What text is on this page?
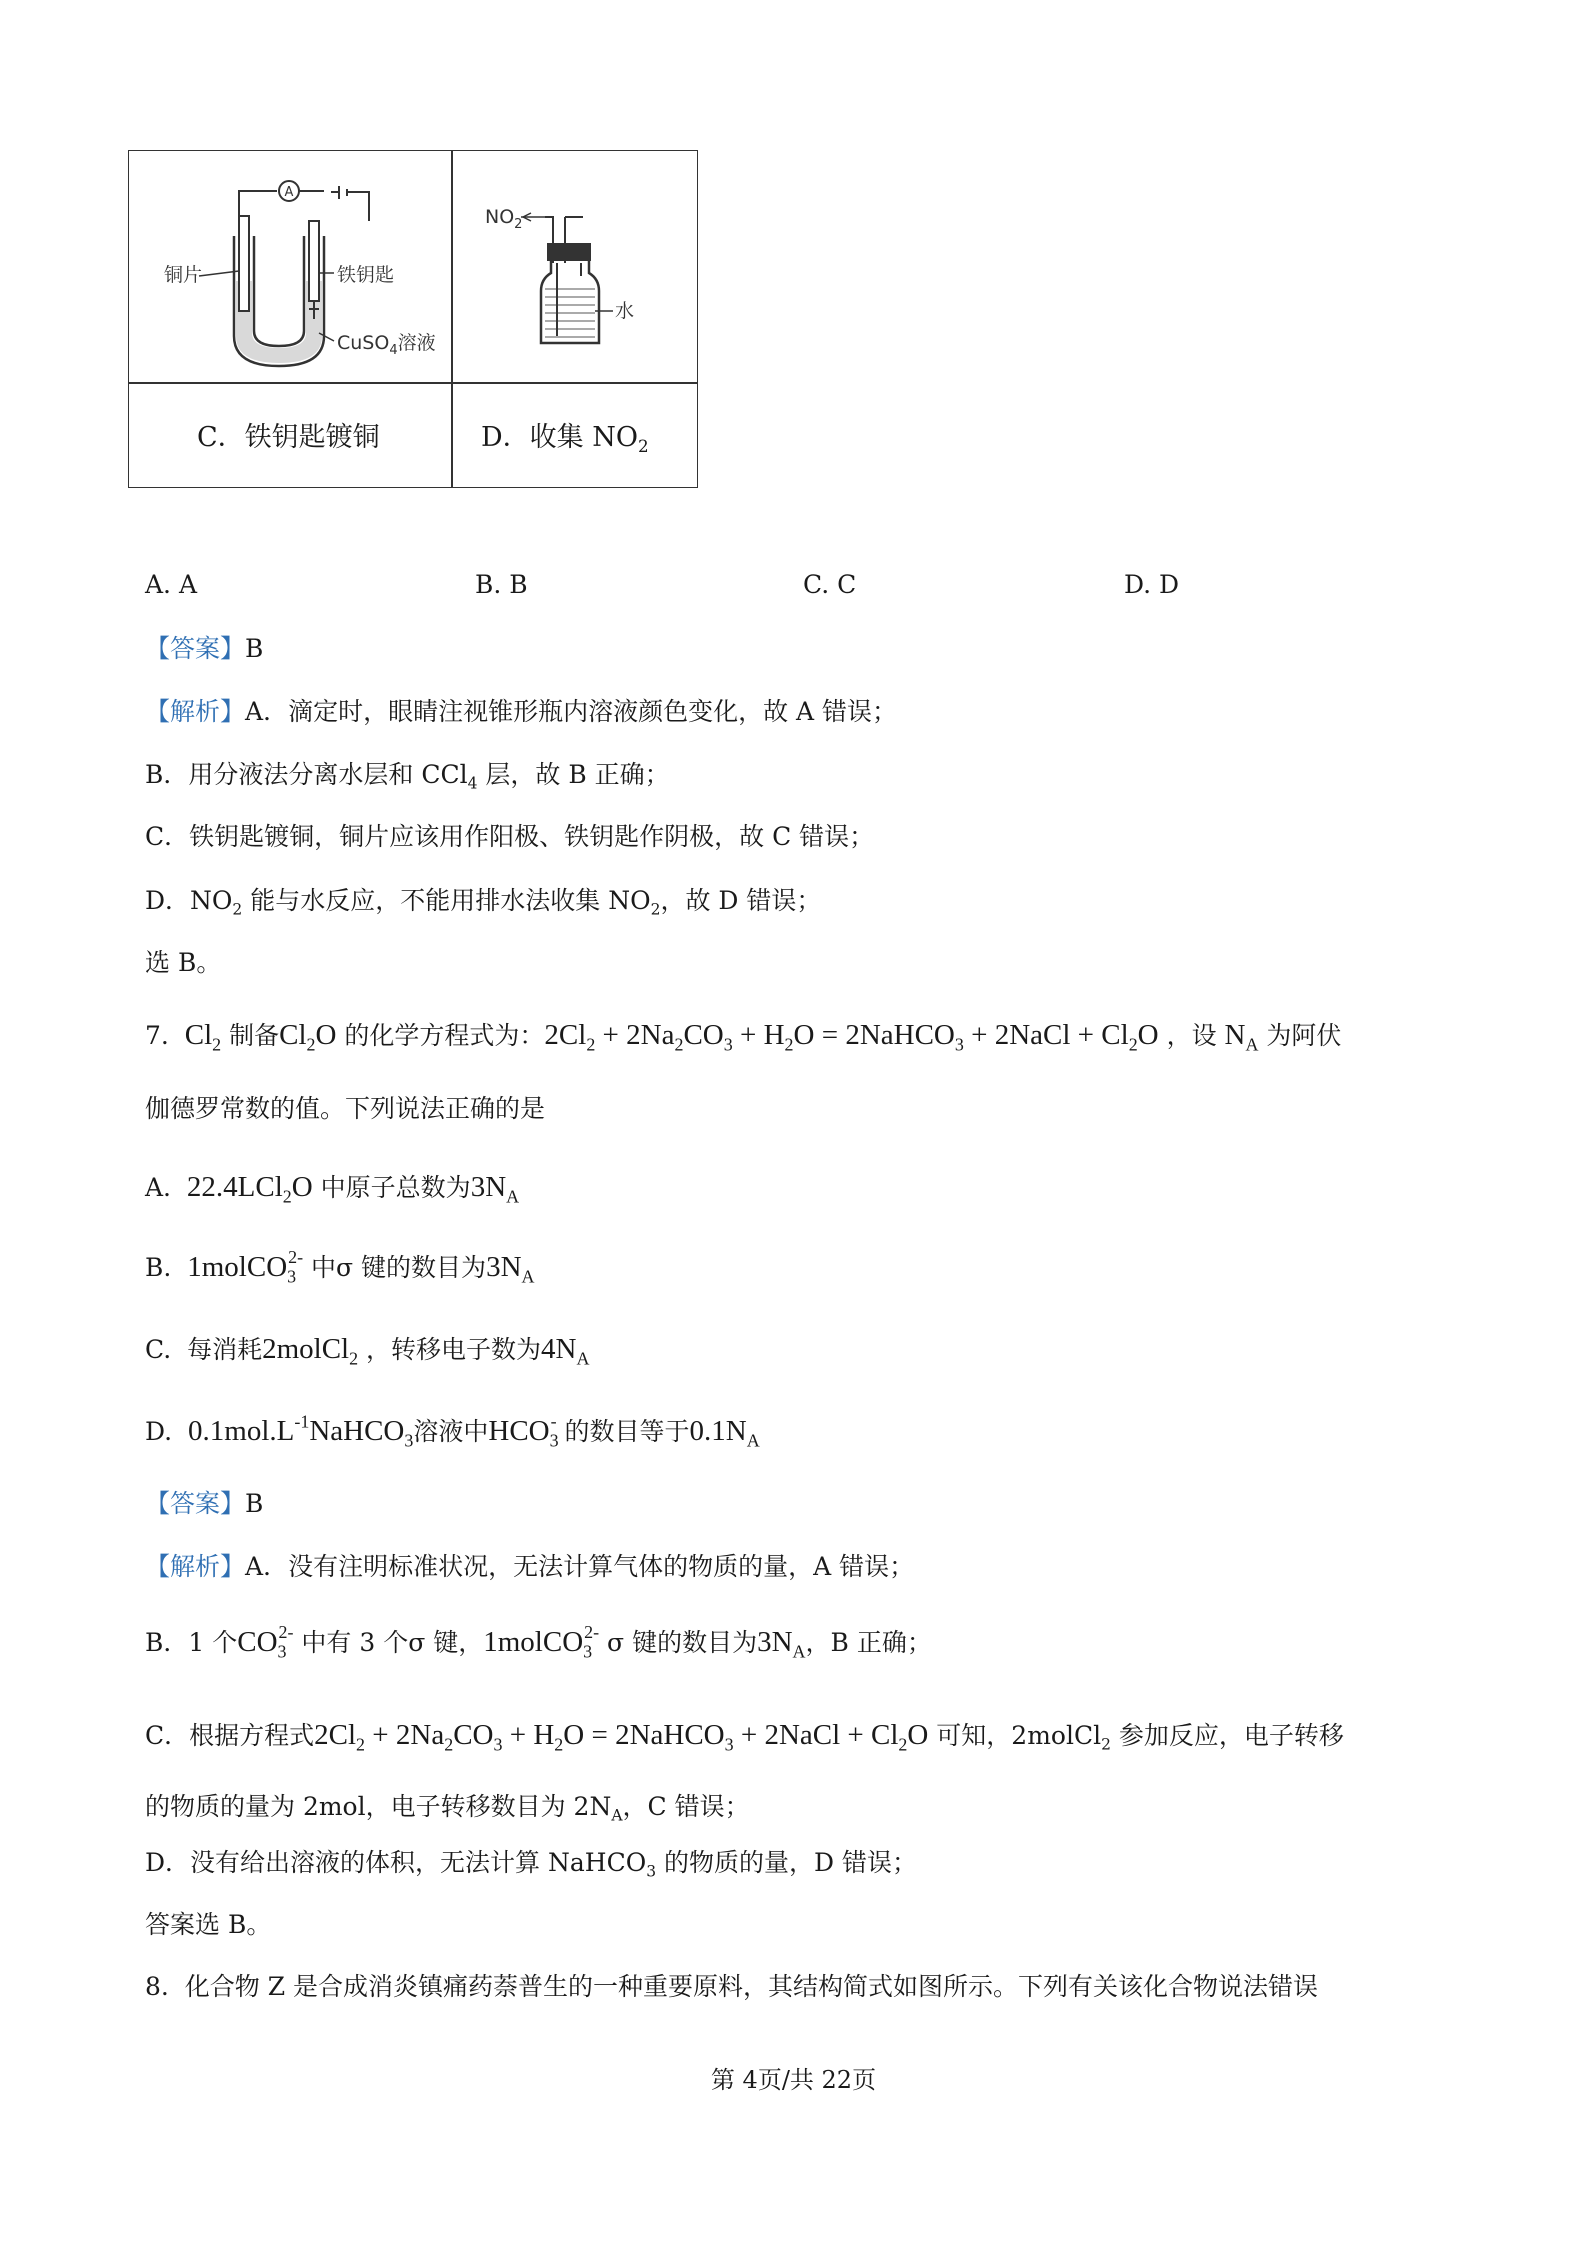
A
铜片	铁钥匙
CuSO$_4$溶液
$NO_2$
水
C．铁钥匙镀铜	D．收集 $NO_2$
A. A	B. B	C. C	D. D
【答案】B
【解析】A．滴定时，眼睛注视锥形瓶内溶液颜色变化，故 A 错误；
B．用分液法分离水层和 CCl$_4$ 层，故 B 正确；
C．铁钥匙镀铜，铜片应该用作阳极、铁钥匙作阴极，故 C 错误；
D．$NO_2$ 能与水反应，不能用排水法收集 $NO_2$，故 D 错误；
选 B。
7. $Cl_2$ 制备$Cl_2O$ 的化学方程式为：$2Cl_2 + 2Na_2CO_3 + H_2O$ = 2NaHCO$_3$ + 2NaCl + $Cl_2O$ ，设 $N_A$ 为阿伏
伽德罗常数的值。下列说法正确的是
A. 22.4LCl$_2$O 中原子总数为$3N_A$
B. 1molCO$_3^{2-}$ 中σ 键的数目为$3N_A$
C.  每消耗2molCl$_2$ ，转移电子数为$4N_A$
D. $0.1mol.L^{-1}NaHCO_3$溶液中$HCO_3^-$ 的数目等于$0.1N_A$
【答案】B
【解析】A．没有注明标准状况，无法计算气体的物质的量，A 错误；
B．1 个$CO_3^{2-}$ 中有 3 个σ 键，1molCO$_3^{2-}$ σ 键的数目为$3N_A$，B 正确；
C．根据方程式$2Cl_2 + 2Na_2CO_3 + H_2O$ = 2NaHCO$_3$ + 2NaCl + $Cl_2O$ 可知，2molCl$_2$ 参加反应，电子转移
的物质的量为 2mol，电子转移数目为 $2N_A$，C 错误；
D．没有给出溶液的体积，无法计算 NaHCO$_3$ 的物质的量，D 错误；
答案选 B。
8. 化合物 Z 是合成消炎镇痛药萘普生的一种重要原料，其结构简式如图所示。下列有关该化合物说法错误
第 4页/共 22页
